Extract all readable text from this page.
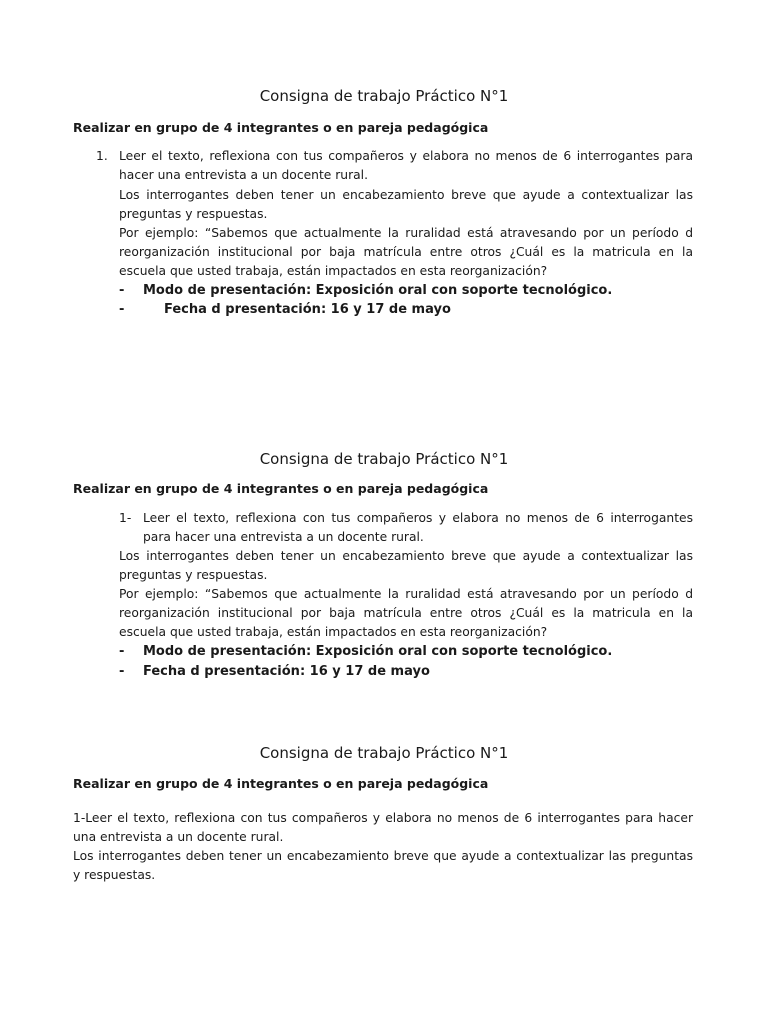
Consigna de trabajo Práctico N°1

Realizar en grupo de 4 integrantes o en pareja pedagógica

1. Leer el texto, reflexiona con tus compañeros y elabora no menos de 6 interrogantes para hacer una entrevista a un docente rural.

Los interrogantes deben tener un encabezamiento breve que ayude a contextualizar las preguntas y respuestas.

Por ejemplo: “Sabemos que actualmente la ruralidad está atravesando por un período d reorganización institucional por baja matrícula entre otros ¿Cuál es la matricula en la escuela que usted trabaja, están impactados en esta reorganización?

- Modo de presentación: Exposición oral con soporte tecnológico.
-	Fecha d presentación: 16 y 17 de mayo
Consigna de trabajo Práctico N°1

Realizar en grupo de 4 integrantes o en pareja pedagógica

1- Leer el texto, reflexiona con tus compañeros y elabora no menos de 6 interrogantes para hacer una entrevista a un docente rural.

Los interrogantes deben tener un encabezamiento breve que ayude a contextualizar las preguntas y respuestas.

Por ejemplo: “Sabemos que actualmente la ruralidad está atravesando por un período d reorganización institucional por baja matrícula entre otros ¿Cuál es la matricula en la escuela que usted trabaja, están impactados en esta reorganización?

- Modo de presentación: Exposición oral con soporte tecnológico.
- Fecha d presentación: 16 y 17 de mayo
Consigna de trabajo Práctico N°1

Realizar en grupo de 4 integrantes o en pareja pedagógica

1-Leer el texto, reflexiona con tus compañeros y elabora no menos de 6 interrogantes para hacer una entrevista a un docente rural.

Los interrogantes deben tener un encabezamiento breve que ayude a contextualizar las preguntas y respuestas.
